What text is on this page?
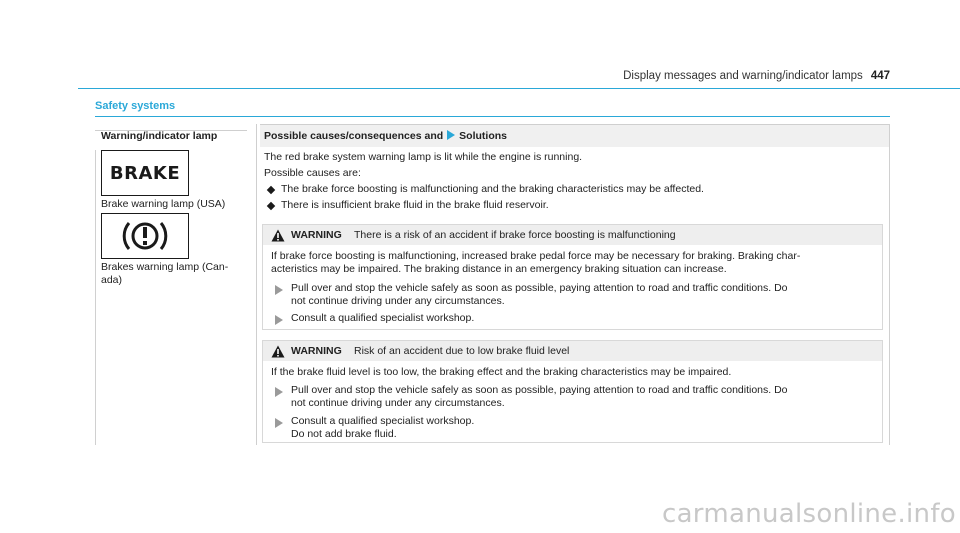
Display messages and warning/indicator lamps 447
Safety systems
Warning/indicator lamp	Possible causes/consequences and Solutions
BRAKE
Brake warning lamp (USA)
Brakes warning lamp (Can-
ada)
The red brake system warning lamp is lit while the engine is running.
Possible causes are:
The brake force boosting is malfunctioning and the braking characteristics may be affected.
There is insufficient brake fluid in the brake fluid reservoir.
WARNING There is a risk of an accident if brake force boosting is malfunctioning
If brake force boosting is malfunctioning, increased brake pedal force may be necessary for braking. Braking char-
acteristics may be impaired. The braking distance in an emergency braking situation can increase.
Pull over and stop the vehicle safely as soon as possible, paying attention to road and traffic conditions. Do
not continue driving under any circumstances.
Consult a qualified specialist workshop.
WARNING Risk of an accident due to low brake fluid level
If the brake fluid level is too low, the braking effect and the braking characteristics may be impaired.
Pull over and stop the vehicle safely as soon as possible, paying attention to road and traffic conditions. Do
not continue driving under any circumstances.
Consult a qualified specialist workshop.
Do not add brake fluid.
carmanualsonline.info
